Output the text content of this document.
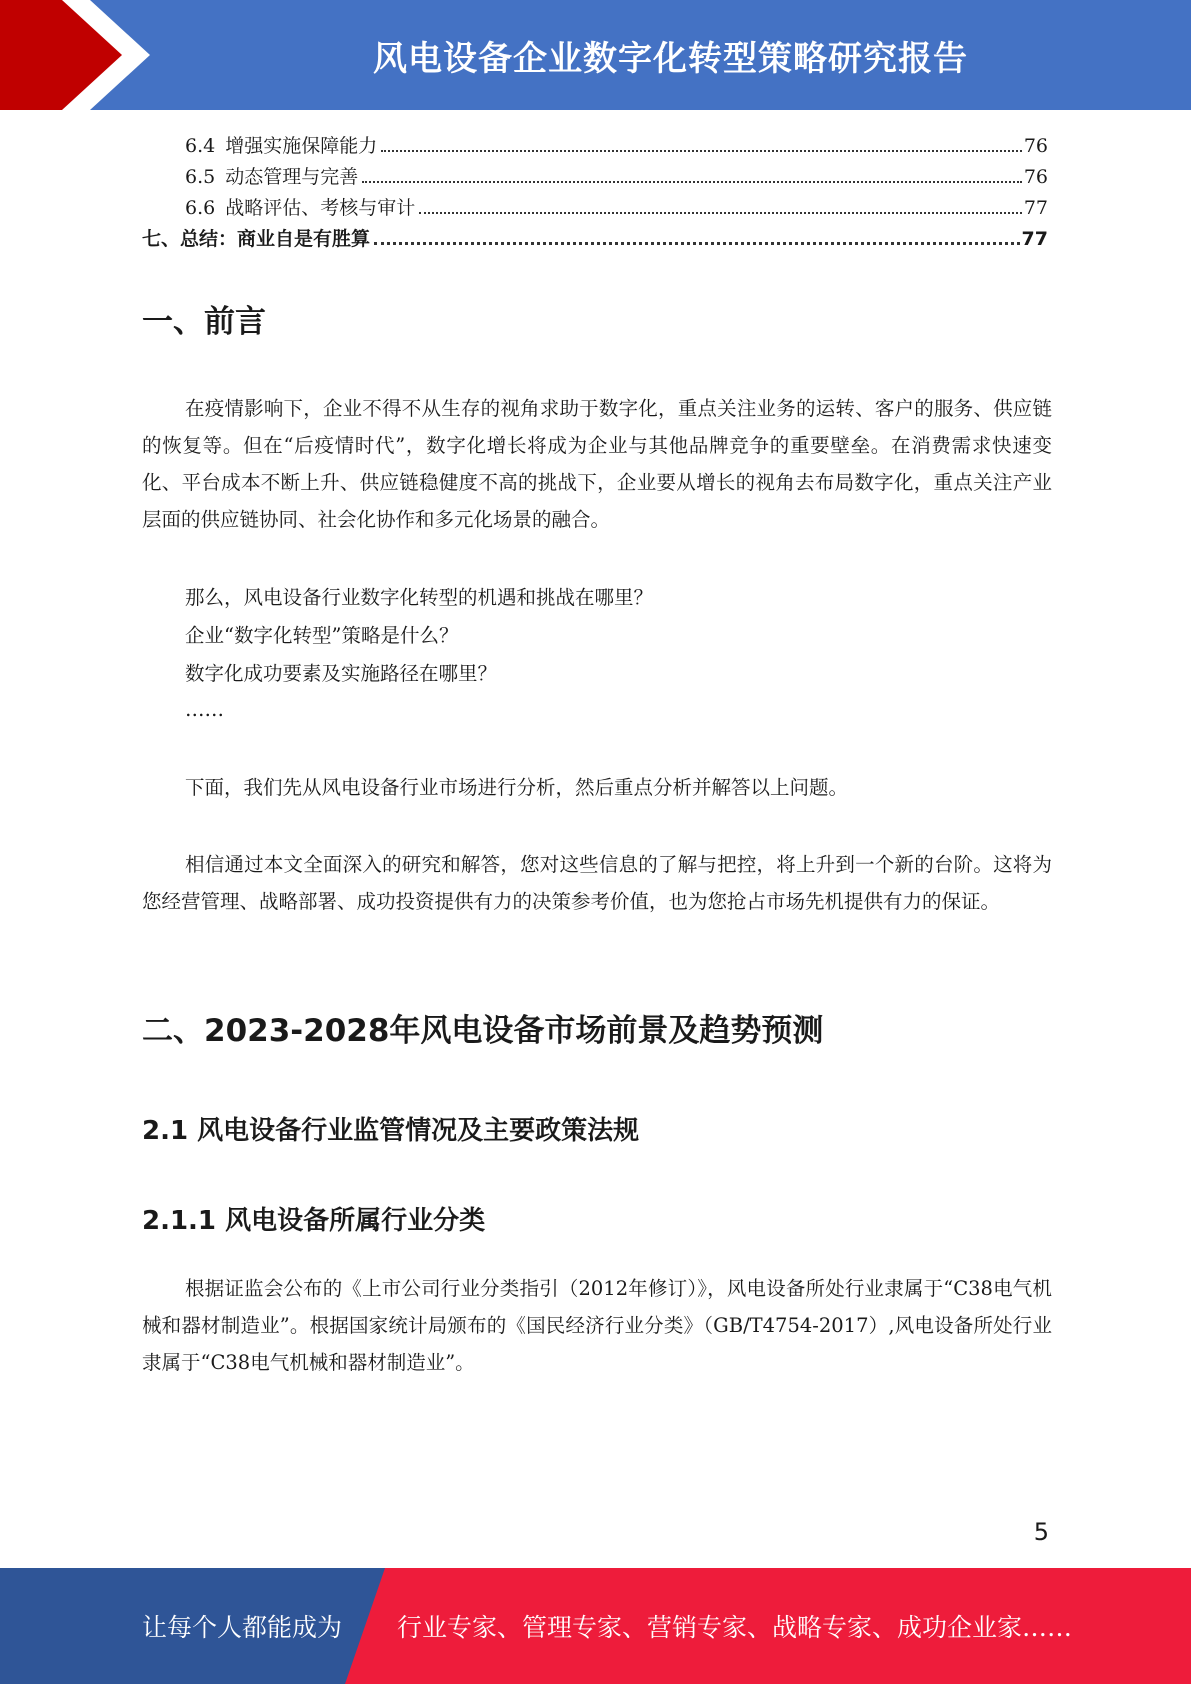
风电设备企业数字化转型策略研究报告
6.4 增强实施保障能力	76
6.5 动态管理与完善	76
6.6 战略评估、考核与审计	77
七、总结：商业自是有胜算	77
一、前言

在疫情影响下，企业不得不从生存的视角求助于数字化，重点关注业务的运转、客户的服务、供应链的恢复等。但在“后疫情时代”，数字化增长将成为企业与其他品牌竞争的重要壁垒。在消费需求快速变化、平台成本不断上升、供应链稳健度不高的挑战下，企业要从增长的视角去布局数字化，重点关注产业层面的供应链协同、社会化协作和多元化场景的融合。

那么，风电设备行业数字化转型的机遇和挑战在哪里？
企业“数字化转型”策略是什么？
数字化成功要素及实施路径在哪里？
……

下面，我们先从风电设备行业市场进行分析，然后重点分析并解答以上问题。

相信通过本文全面深入的研究和解答，您对这些信息的了解与把控，将上升到一个新的台阶。这将为您经营管理、战略部署、成功投资提供有力的决策参考价值，也为您抢占市场先机提供有力的保证。

二、2023-2028年风电设备市场前景及趋势预测
2.1 风电设备行业监管情况及主要政策法规
2.1.1 风电设备所属行业分类

根据证监会公布的《上市公司行业分类指引（2012年修订）》，风电设备所处行业隶属于“C38电气机械和器材制造业”。根据国家统计局颁布的《国民经济行业分类》（GB/T4754-2017）,风电设备所处行业隶属于“C38电气机械和器材制造业”。

5
让每个人都能成为 行业专家、管理专家、营销专家、战略专家、成功企业家……
